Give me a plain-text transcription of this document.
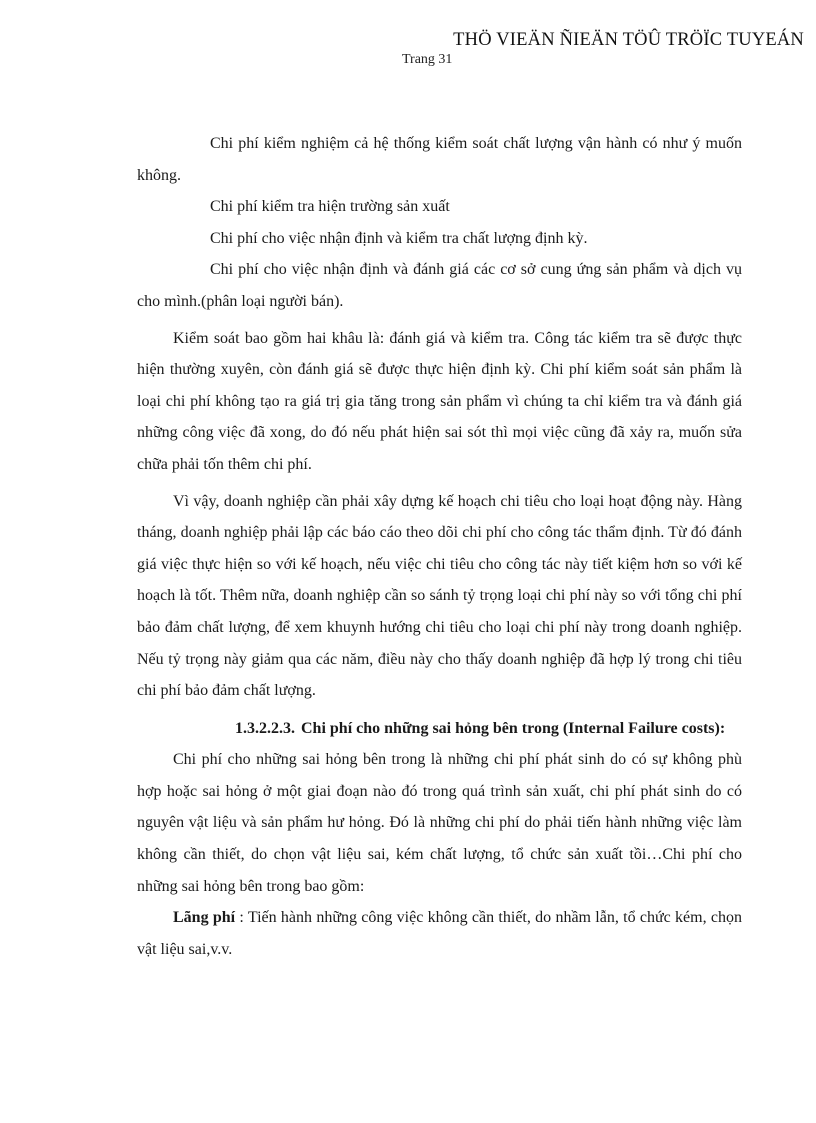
THÖ VIEÄN ÑIEÄN TÖÛ TRÖÏC TUYEÁN
Trang 31

Chi phí kiểm nghiệm cả hệ thống kiểm soát chất lượng vận hành có như ý muốn không.

Chi phí kiểm tra hiện trường sản xuất

Chi phí cho việc nhận định và kiểm tra chất lượng định kỳ.

Chi phí cho việc nhận định và đánh giá các cơ sở cung ứng sản phẩm và dịch vụ cho mình.(phân loại người bán).

Kiểm soát bao gồm hai khâu là: đánh giá và kiểm tra. Công tác kiểm tra sẽ được thực hiện thường xuyên, còn đánh giá sẽ được thực hiện định kỳ. Chi phí kiểm soát sản phẩm là loại chi phí không tạo ra giá trị gia tăng trong sản phẩm vì chúng ta chỉ kiểm tra và đánh giá những công việc đã xong, do đó nếu phát hiện sai sót thì mọi việc cũng đã xảy ra, muốn sửa chữa phải tốn thêm chi phí.

Vì vậy, doanh nghiệp cần phải xây dựng kế hoạch chi tiêu cho loại hoạt động này. Hàng tháng, doanh nghiệp phải lập các báo cáo theo dõi chi phí cho công tác thẩm định. Từ đó đánh giá việc thực hiện so với kế hoạch, nếu việc chi tiêu cho công tác này tiết kiệm hơn so với kế hoạch là tốt. Thêm nữa, doanh nghiệp cần so sánh tỷ trọng loại chi phí này so với tổng chi phí bảo đảm chất lượng, để xem khuynh hướng chi tiêu cho loại chi phí này trong doanh nghiệp. Nếu tỷ trọng này giảm qua các năm, điều này cho thấy doanh nghiệp đã hợp lý trong chi tiêu chi phí bảo đảm chất lượng.

1.3.2.2.3. Chi phí cho những sai hỏng bên trong (Internal Failure costs):

Chi phí cho những sai hỏng bên trong là những chi phí phát sinh do có sự không phù hợp hoặc sai hỏng ở một giai đoạn nào đó trong quá trình sản xuất, chi phí phát sinh do có nguyên vật liệu và sản phẩm hư hỏng. Đó là những chi phí do phải tiến hành những việc làm không cần thiết, do chọn vật liệu sai, kém chất lượng, tổ chức sản xuất tồi…Chi phí cho những sai hỏng bên trong bao gồm:

Lãng phí : Tiến hành những công việc không cần thiết, do nhầm lẫn, tổ chức kém, chọn vật liệu sai,v.v.
